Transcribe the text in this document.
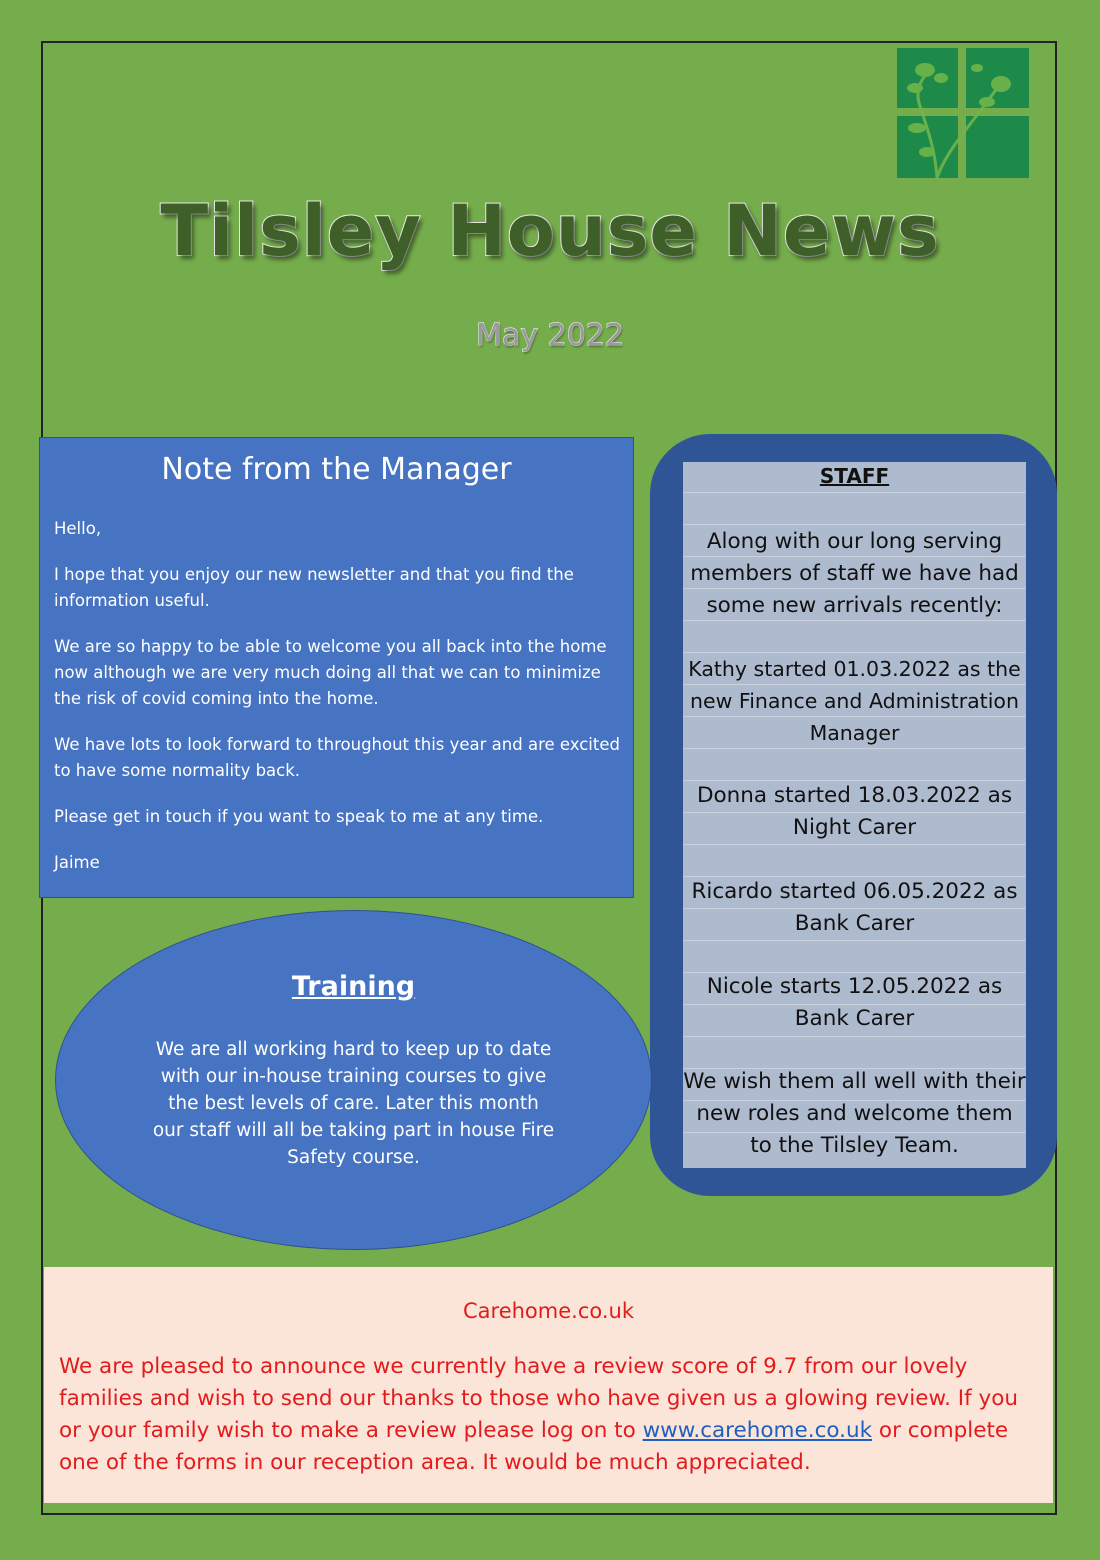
Tilsley House News
May 2022
Note from the Manager

Hello,

I hope that you enjoy our new newsletter and that you find the information useful.

We are so happy to be able to welcome you all back into the home now although we are very much doing all that we can to minimize the risk of covid coming into the home.

We have lots to look forward to throughout this year and are excited to have some normality back.

Please get in touch if you want to speak to me at any time.

Jaime

STAFF
Along with our long serving members of staff we have had some new arrivals recently:
Kathy started 01.03.2022 as the new Finance and Administration Manager
Donna started 18.03.2022 as Night Carer
Ricardo started 06.05.2022 as Bank Carer
Nicole starts 12.05.2022 as Bank Carer
We wish them all well with their new roles and welcome them to the Tilsley Team.
Training
We are all working hard to keep up to date with our in-house training courses to give the best levels of care. Later this month our staff will all be taking part in house Fire Safety course.
Carehome.co.uk
We are pleased to announce we currently have a review score of 9.7 from our lovely families and wish to send our thanks to those who have given us a glowing review. If you or your family wish to make a review please log on to www.carehome.co.uk or complete one of the forms in our reception area. It would be much appreciated.
